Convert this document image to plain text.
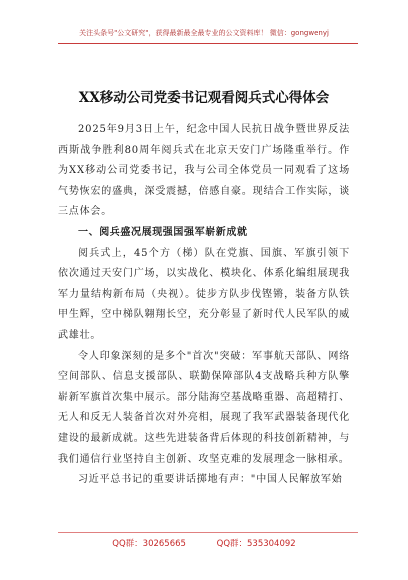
关注头条号"公文研究"，获得最新最全最专业的公文资料库！ 微信：gongwenyj
XX移动公司党委书记观看阅兵式心得体会

2025年9月3日上午，纪念中国人民抗日战争暨世界反法西斯战争胜利80周年阅兵式在北京天安门广场隆重举行。作为XX移动公司党委书记，我与公司全体党员一同观看了这场气势恢宏的盛典，深受震撼，倍感自豪。现结合工作实际，谈三点体会。

一、阅兵盛况展现强国强军崭新成就

阅兵式上，45个方（梯）队在党旗、国旗、军旗引领下依次通过天安门广场，以实战化、模块化、体系化编组展现我军力量结构新布局（央视）。徒步方队步伐铿锵，装备方队铁甲生辉，空中梯队翱翔长空，充分彰显了新时代人民军队的威武雄壮。

令人印象深刻的是多个"首次"突破：军事航天部队、网络空间部队、信息支援部队、联勤保障部队4支战略兵种方队擎崭新军旗首次集中展示。部分陆海空基战略重器、高超精打、无人和反无人装备首次对外亮相，展现了我军武器装备现代化建设的最新成就。这些先进装备背后体现的科技创新精神，与我们通信行业坚持自主创新、攻坚克难的发展理念一脉相承。

习近平总书记的重要讲话掷地有声："中国人民解放军始

QQ群：30265665	QQ群：535304092
